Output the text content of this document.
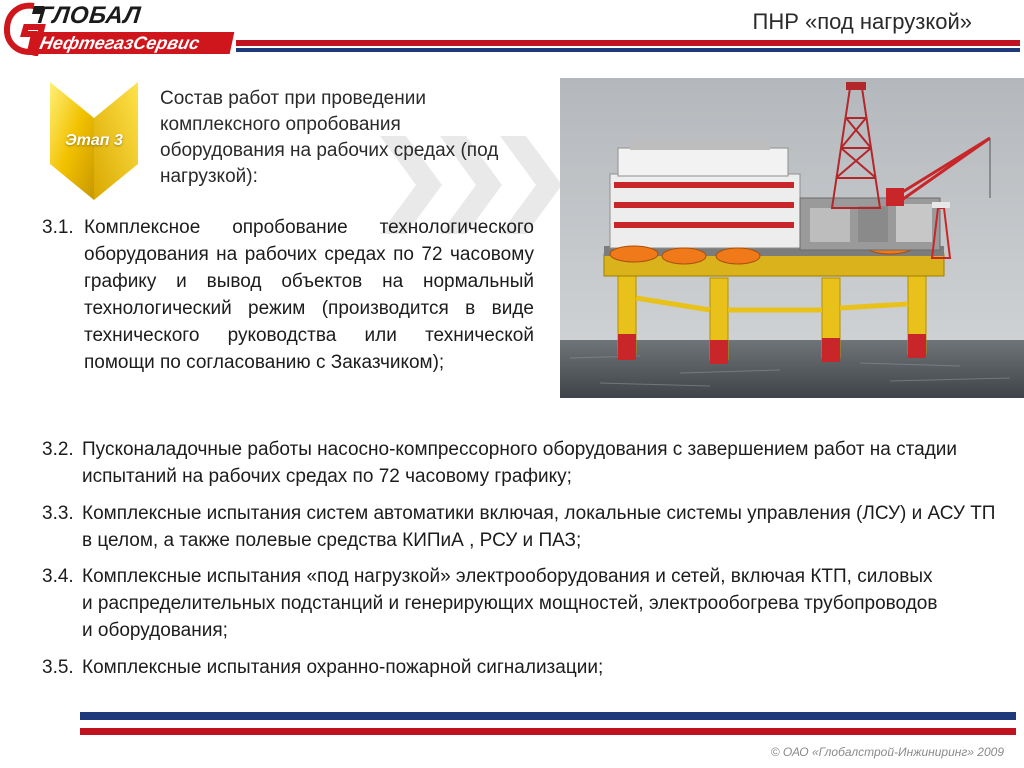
ГЛОБАЛ
НефтегазСервис
ПНР «под нагрузкой»
Этап 3
Состав работ при проведении комплексного опробования оборудования на рабочих средах (под нагрузкой):
3.1. Комплексное опробование технологического оборудования на рабочих средах по 72 часовому графику и вывод объектов на нормальный технологический режим (производится в виде технического руководства или технической помощи по согласованию с Заказчиком);
3.2. Пусконаладочные работы насосно-компрессорного оборудования с завершением работ на стадии испытаний на рабочих средах по 72 часовому графику;
3.3. Комплексные испытания систем автоматики включая, локальные системы управления (ЛСУ) и АСУ ТП в целом, а также полевые средства КИПиА , РСУ и ПАЗ;
3.4. Комплексные испытания «под нагрузкой» электрооборудования и сетей, включая КТП, силовых и распределительных подстанций и генерирующих мощностей, электрообогрева трубопроводов и оборудования;
3.5. Комплексные испытания охранно-пожарной сигнализации;
© ОАО «Глобалстрой-Инжиниринг» 2009
